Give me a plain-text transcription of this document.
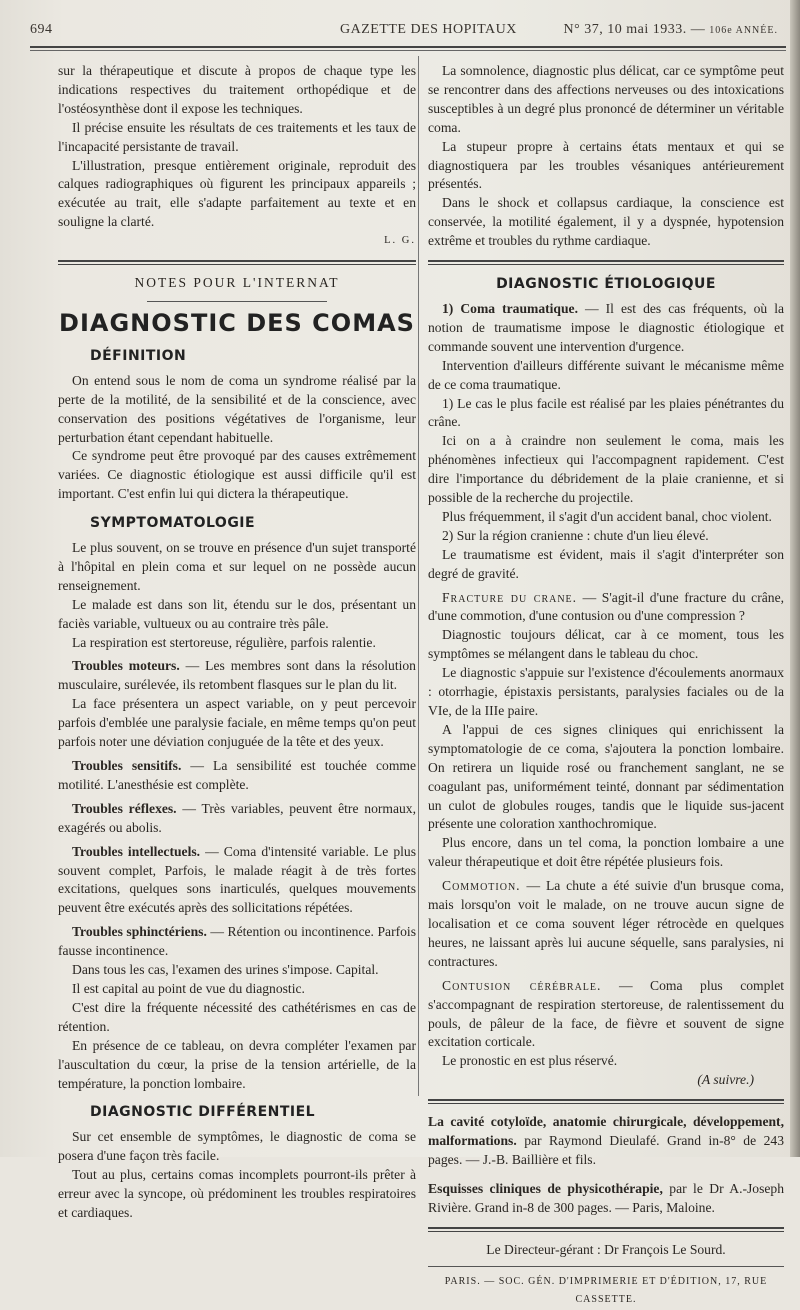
694	GAZETTE DES HOPITAUX	N° 37, 10 mai 1933. — 106e ANNÉE.

sur la thérapeutique et discute à propos de chaque type les indications respectives du traitement orthopédique et de l'ostéosynthèse dont il expose les techniques.

Il précise ensuite les résultats de ces traitements et les taux de l'incapacité persistante de travail.

L'illustration, presque entièrement originale, reproduit des calques radiographiques où figurent les principaux appareils ; exécutée au trait, elle s'adapte parfaitement au texte et en souligne la clarté.

L. G.
NOTES POUR L'INTERNAT
DIAGNOSTIC DES COMAS
DÉFINITION

On entend sous le nom de coma un syndrome réalisé par la perte de la motilité, de la sensibilité et de la conscience, avec conservation des positions végétatives de l'organisme, leur perturbation étant cependant habituelle.

Ce syndrome peut être provoqué par des causes extrêmement variées. Ce diagnostic étiologique est aussi difficile qu'il est important. C'est enfin lui qui dictera la thérapeutique.

SYMPTOMATOLOGIE

Le plus souvent, on se trouve en présence d'un sujet transporté à l'hôpital en plein coma et sur lequel on ne possède aucun renseignement.

Le malade est dans son lit, étendu sur le dos, présentant un faciès variable, vultueux ou au contraire très pâle.

La respiration est stertoreuse, régulière, parfois ralentie.

Troubles moteurs. — Les membres sont dans la résolution musculaire, surélevée, ils retombent flasques sur le plan du lit.

La face présentera un aspect variable, on y peut percevoir parfois d'emblée une paralysie faciale, en même temps qu'on peut parfois noter une déviation conjuguée de la tête et des yeux.

Troubles sensitifs. — La sensibilité est touchée comme motilité. L'anesthésie est complète.

Troubles réflexes. — Très variables, peuvent être normaux, exagérés ou abolis.

Troubles intellectuels. — Coma d'intensité variable. Le plus souvent complet, Parfois, le malade réagit à de très fortes excitations, quelques sons inarticulés, quelques mouvements peuvent être exécutés après des sollicitations répétées.

Troubles sphinctériens. — Rétention ou incontinence. Parfois fausse incontinence.

Dans tous les cas, l'examen des urines s'impose. Capital.

Il est capital au point de vue du diagnostic.

C'est dire la fréquente nécessité des cathétérismes en cas de rétention.

En présence de ce tableau, on devra compléter l'examen par l'auscultation du cœur, la prise de la tension artérielle, de la température, la ponction lombaire.

DIAGNOSTIC DIFFÉRENTIEL

Sur cet ensemble de symptômes, le diagnostic de coma se posera d'une façon très facile.

Tout au plus, certains comas incomplets pourront-ils prêter à erreur avec la syncope, où prédominent les troubles respiratoires et cardiaques.

La somnolence, diagnostic plus délicat, car ce symptôme peut se rencontrer dans des affections nerveuses ou des intoxications susceptibles à un degré plus prononcé de déterminer un véritable coma.

La stupeur propre à certains états mentaux et qui se diagnostiquera par les troubles vésaniques antérieurement présentés.

Dans le shock et collapsus cardiaque, la conscience est conservée, la motilité également, il y a dyspnée, hypotension extrême et troubles du rythme cardiaque.

DIAGNOSTIC ÉTIOLOGIQUE

1) Coma traumatique. — Il est des cas fréquents, où la notion de traumatisme impose le diagnostic étiologique et commande souvent une intervention d'urgence.

Intervention d'ailleurs différente suivant le mécanisme même de ce coma traumatique.

1) Le cas le plus facile est réalisé par les plaies pénétrantes du crâne.

Ici on a à craindre non seulement le coma, mais les phénomènes infectieux qui l'accompagnent rapidement. C'est dire l'importance du débridement de la plaie cranienne, et si possible de la recherche du projectile.

Plus fréquemment, il s'agit d'un accident banal, choc violent.

2) Sur la région cranienne : chute d'un lieu élevé.

Le traumatisme est évident, mais il s'agit d'interpréter son degré de gravité.

Fracture du crane. — S'agit-il d'une fracture du crâne, d'une commotion, d'une contusion ou d'une compression ?

Diagnostic toujours délicat, car à ce moment, tous les symptômes se mélangent dans le tableau du choc.

Le diagnostic s'appuie sur l'existence d'écoulements anormaux : otorrhagie, épistaxis persistants, paralysies faciales ou de la VIe, de la IIIe paire.

A l'appui de ces signes cliniques qui enrichissent la symptomatologie de ce coma, s'ajoutera la ponction lombaire. On retirera un liquide rosé ou franchement sanglant, ne se coagulant pas, uniformément teinté, donnant par sédimentation un culot de globules rouges, tandis que le liquide sus-jacent présente une coloration xanthochromique.

Plus encore, dans un tel coma, la ponction lombaire a une valeur thérapeutique et doit être répétée plusieurs fois.

Commotion. — La chute a été suivie d'un brusque coma, mais lorsqu'on voit le malade, on ne trouve aucun signe de localisation et ce coma souvent léger rétrocède en quelques heures, ne laissant après lui aucune séquelle, sans paralysies, ni contractures.

Contusion cérébrale. — Coma plus complet s'accompagnant de respiration stertoreuse, de ralentissement du pouls, de pâleur de la face, de fièvre et souvent de signe excitation corticale.

Le pronostic en est plus réservé.

(A suivre.)

La cavité cotyloïde, anatomie chirurgicale, développement, malformations. par Raymond Dieulafé. Grand in-8° de 243 pages. — J.-B. Baillière et fils.

Esquisses cliniques de physicothérapie, par le Dr A.-Joseph Rivière. Grand in-8 de 300 pages. — Paris, Maloine.

Le Directeur-gérant : Dr François Le Sourd.
PARIS. — SOC. GÉN. D'IMPRIMERIE ET D'ÉDITION, 17, RUE CASSETTE.
